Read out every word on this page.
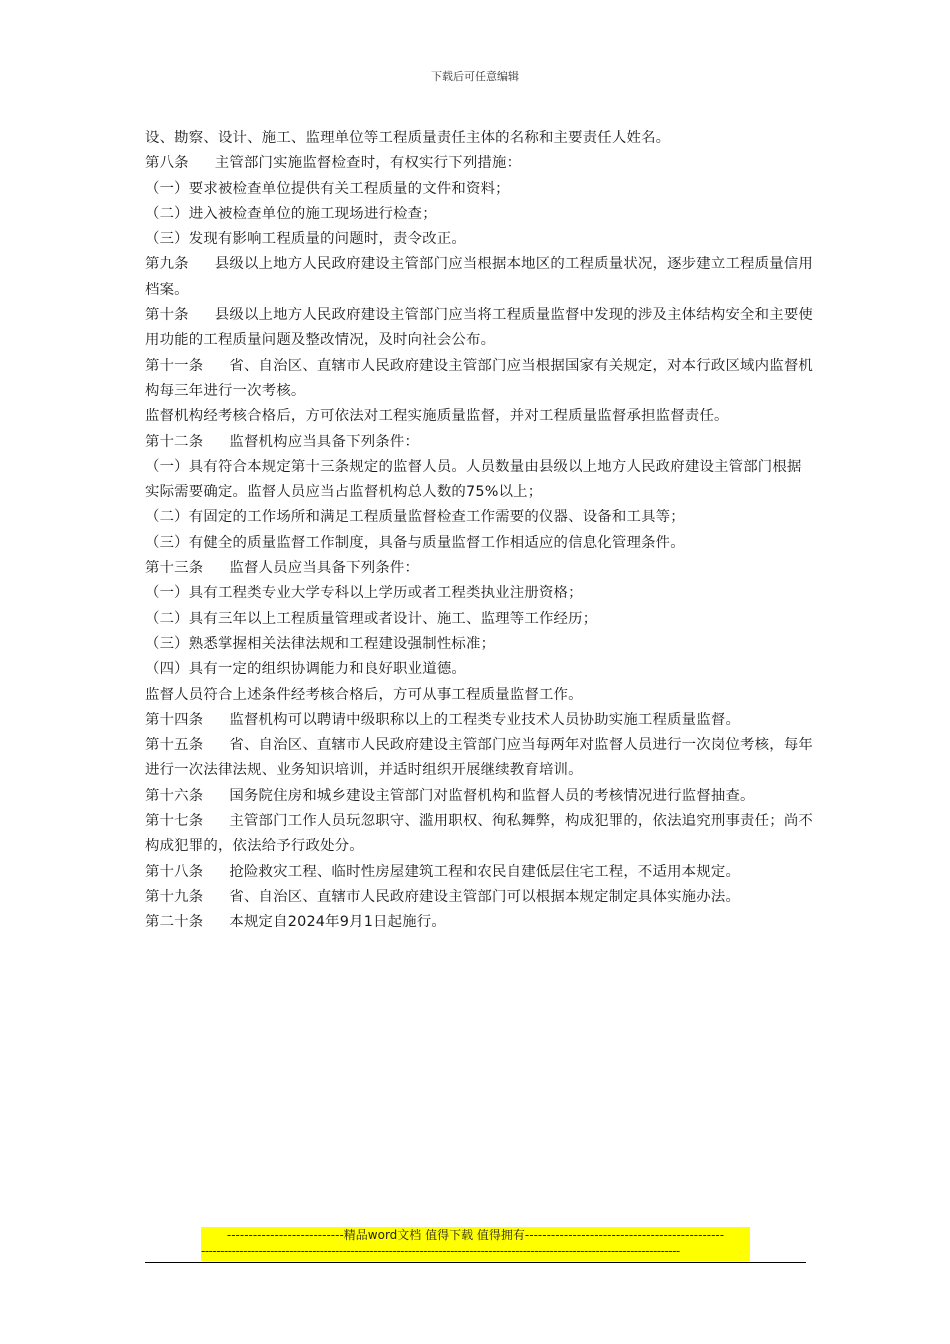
下载后可任意编辑

设、勘察、设计、施工、监理单位等工程质量责任主体的名称和主要责任人姓名。

第八条 主管部门实施监督检查时，有权实行下列措施：

（一）要求被检查单位提供有关工程质量的文件和资料；

（二）进入被检查单位的施工现场进行检查；

（三）发现有影响工程质量的问题时，责令改正。

第九条 县级以上地方人民政府建设主管部门应当根据本地区的工程质量状况，逐步建立工程质量信用档案。

第十条 县级以上地方人民政府建设主管部门应当将工程质量监督中发现的涉及主体结构安全和主要使用功能的工程质量问题及整改情况，及时向社会公布。

第十一条 省、自治区、直辖市人民政府建设主管部门应当根据国家有关规定，对本行政区域内监督机构每三年进行一次考核。

监督机构经考核合格后，方可依法对工程实施质量监督，并对工程质量监督承担监督责任。

第十二条 监督机构应当具备下列条件：

（一）具有符合本规定第十三条规定的监督人员。人员数量由县级以上地方人民政府建设主管部门根据实际需要确定。监督人员应当占监督机构总人数的75%以上；

（二）有固定的工作场所和满足工程质量监督检查工作需要的仪器、设备和工具等；

（三）有健全的质量监督工作制度，具备与质量监督工作相适应的信息化管理条件。

第十三条 监督人员应当具备下列条件：

（一）具有工程类专业大学专科以上学历或者工程类执业注册资格；

（二）具有三年以上工程质量管理或者设计、施工、监理等工作经历；

（三）熟悉掌握相关法律法规和工程建设强制性标准；

（四）具有一定的组织协调能力和良好职业道德。

监督人员符合上述条件经考核合格后，方可从事工程质量监督工作。

第十四条 监督机构可以聘请中级职称以上的工程类专业技术人员协助实施工程质量监督。

第十五条 省、自治区、直辖市人民政府建设主管部门应当每两年对监督人员进行一次岗位考核，每年进行一次法律法规、业务知识培训，并适时组织开展继续教育培训。

第十六条 国务院住房和城乡建设主管部门对监督机构和监督人员的考核情况进行监督抽查。

第十七条 主管部门工作人员玩忽职守、滥用职权、徇私舞弊，构成犯罪的，依法追究刑事责任；尚不构成犯罪的，依法给予行政处分。

第十八条 抢险救灾工程、临时性房屋建筑工程和农民自建低层住宅工程，不适用本规定。

第十九条 省、自治区、直辖市人民政府建设主管部门可以根据本规定制定具体实施办法。

第二十条 本规定自2024年9月1日起施行。

---------------------------精品word文档 值得下载 值得拥有----------------------------------------------
-----------------------------------------------------------------------------------------------------------------------------
